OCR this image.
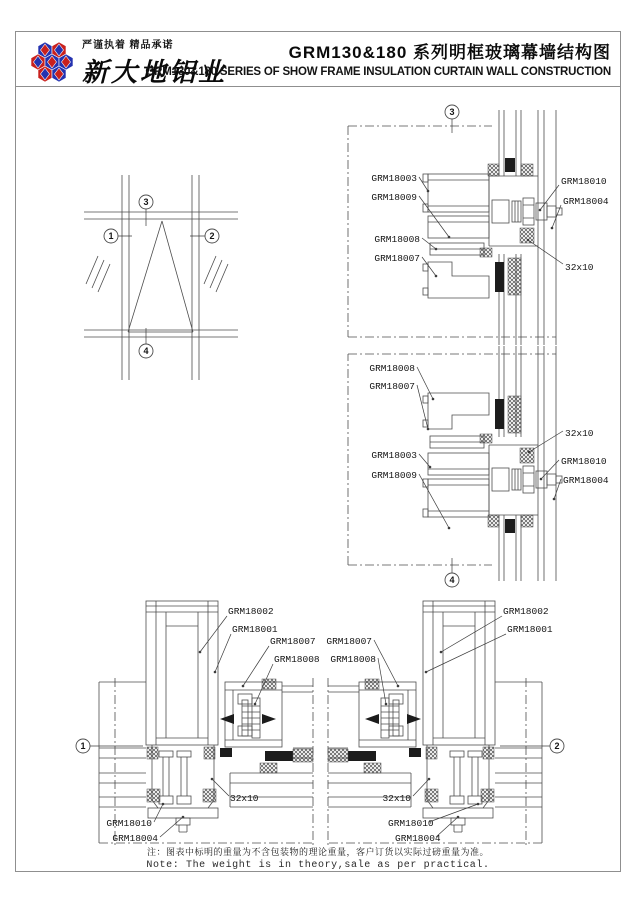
严谨执着 精品承诺
新大地铝业
GRM130&180 系列明框玻璃幕墙结构图
GRM130&180 SERIES OF SHOW FRAME INSULATION CURTAIN WALL CONSTRUCTION
注：图表中标明的重量为不含包装物的理论重量，客户订货以实际过磅重量为准。
Note: The weight is in theory,sale as per practical.
3
1	2
4
3
GRM18003
GRM18009
GRM18008
GRM18007
GRM18010
GRM18004
32x10
4
GRM18008
GRM18007
GRM18003
GRM18009
32x10
GRM18010
GRM18004
1
GRM18002
GRM18001
GRM18007
GRM18008
32x10
GRM18010
GRM18004
2
GRM18007
GRM18008
GRM18002
GRM18001
32x10
GRM18010
GRM18004
